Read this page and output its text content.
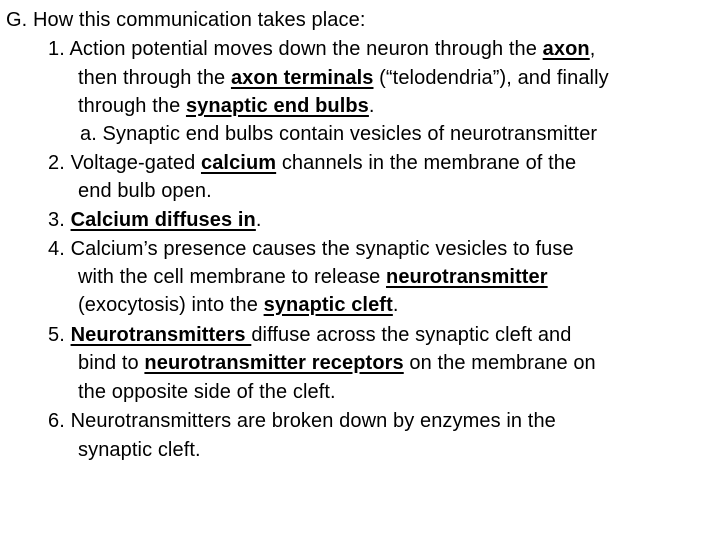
G. How this communication takes place:
1. Action potential moves down the neuron through the axon,
then through the axon terminals (“telodendria”), and finally
through the synaptic end bulbs.
a. Synaptic end bulbs contain vesicles of neurotransmitter
2. Voltage-gated calcium channels in the membrane of the
end bulb open.
3. Calcium diffuses in.
4. Calcium’s presence causes the synaptic vesicles to fuse
with the cell membrane to release neurotransmitter
(exocytosis) into the synaptic cleft.
5. Neurotransmitters diffuse across the synaptic cleft and
bind to neurotransmitter receptors on the membrane on
the opposite side of the cleft.
6. Neurotransmitters are broken down by enzymes in the
synaptic cleft.
